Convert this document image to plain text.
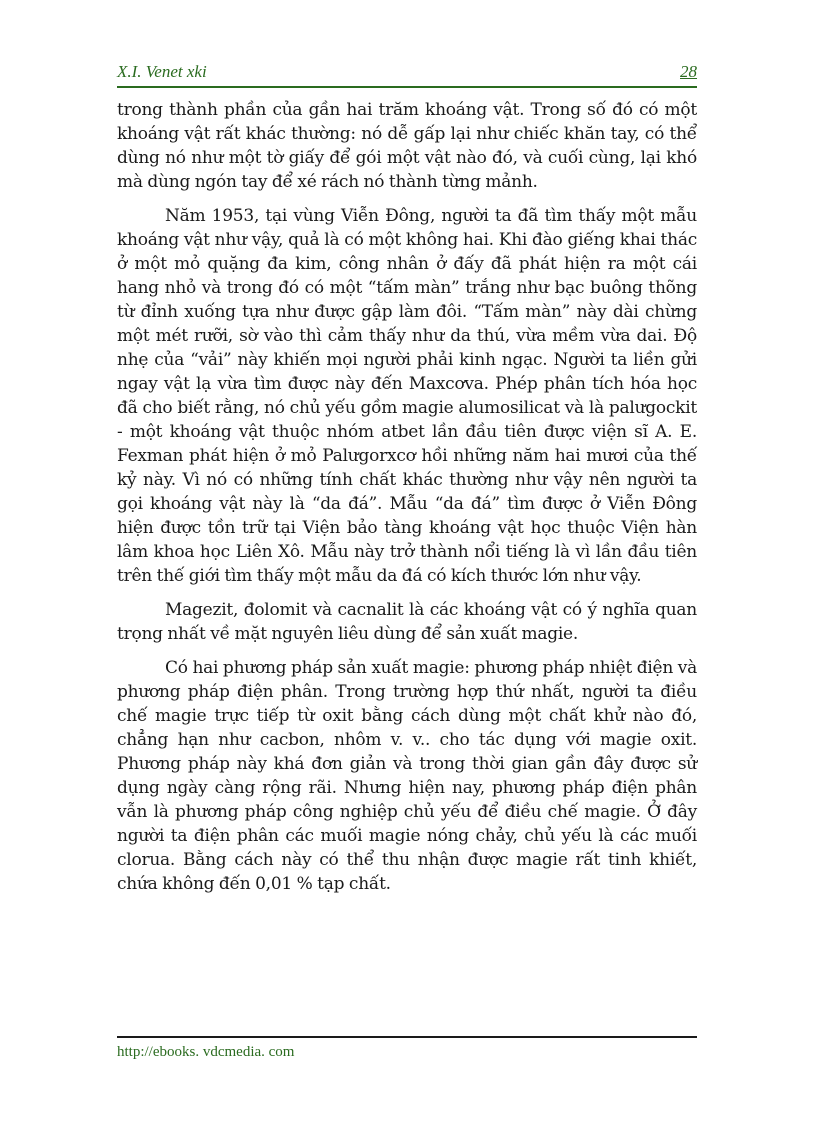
X.I. Venet xki	28

trong thành phần của gần hai trăm khoáng vật. Trong số đó có một khoáng vật rất khác thường: nó dễ gấp lại như chiếc khăn tay, có thể dùng nó như một tờ giấy để gói một vật nào đó, và cuối cùng, lại khó mà dùng ngón tay để xé rách nó thành từng mảnh.

Năm 1953, tại vùng Viễn Đông, người ta đã tìm thấy một mẫu khoáng vật như vậy, quả là có một không hai. Khi đào giếng khai thác ở một mỏ quặng đa kim, công nhân ở đấy đã phát hiện ra một cái hang nhỏ và trong đó có một “tấm màn” trắng như bạc buông thõng từ đỉnh xuống tựa như được gập làm đôi. “Tấm màn” này dài chừng một mét rưỡi, sờ vào thì cảm thấy như da thú, vừa mềm vừa dai. Độ nhẹ của “vải” này khiến mọi người phải kinh ngạc. Người ta liền gửi ngay vật lạ vừa tìm được này đến Maxcơva. Phép phân tích hóa học đã cho biết rằng, nó chủ yếu gồm magie alumosilicat và là palưgockit - một khoáng vật thuộc nhóm atbet lần đầu tiên được viện sĩ A. E. Fexman phát hiện ở mỏ Palưgorxcơ hồi những năm hai mươi của thế kỷ này. Vì nó có những tính chất khác thường như vậy nên người ta gọi khoáng vật này là “da đá”. Mẫu “da đá” tìm được ở Viễn Đông hiện được tồn trữ tại Viện bảo tàng khoáng vật học thuộc Viện hàn lâm khoa học Liên Xô. Mẫu này trở thành nổi tiếng là vì lần đầu tiên trên thế giới tìm thấy một mẫu da đá có kích thước lớn như vậy.

Magezit, đolomit và cacnalit là các khoáng vật có ý nghĩa quan trọng nhất về mặt nguyên liêu dùng để sản xuất magie.

Có hai phương pháp sản xuất magie: phương pháp nhiệt điện và phương pháp điện phân. Trong trường hợp thứ nhất, người ta điều chế magie trực tiếp từ oxit bằng cách dùng một chất khử nào đó, chẳng hạn như cacbon, nhôm v. v.. cho tác dụng với magie oxit. Phương pháp này khá đơn giản và trong thời gian gần đây được sử dụng ngày càng rộng rãi. Nhưng hiện nay, phương pháp điện phân vẫn là phương pháp công nghiệp chủ yếu để điều chế magie. Ở đây người ta điện phân các muối magie nóng chảy, chủ yếu là các muối clorua. Bằng cách này có thể thu nhận được magie rất tinh khiết, chứa không đến 0,01 % tạp chất.

http://ebooks. vdcmedia. com
